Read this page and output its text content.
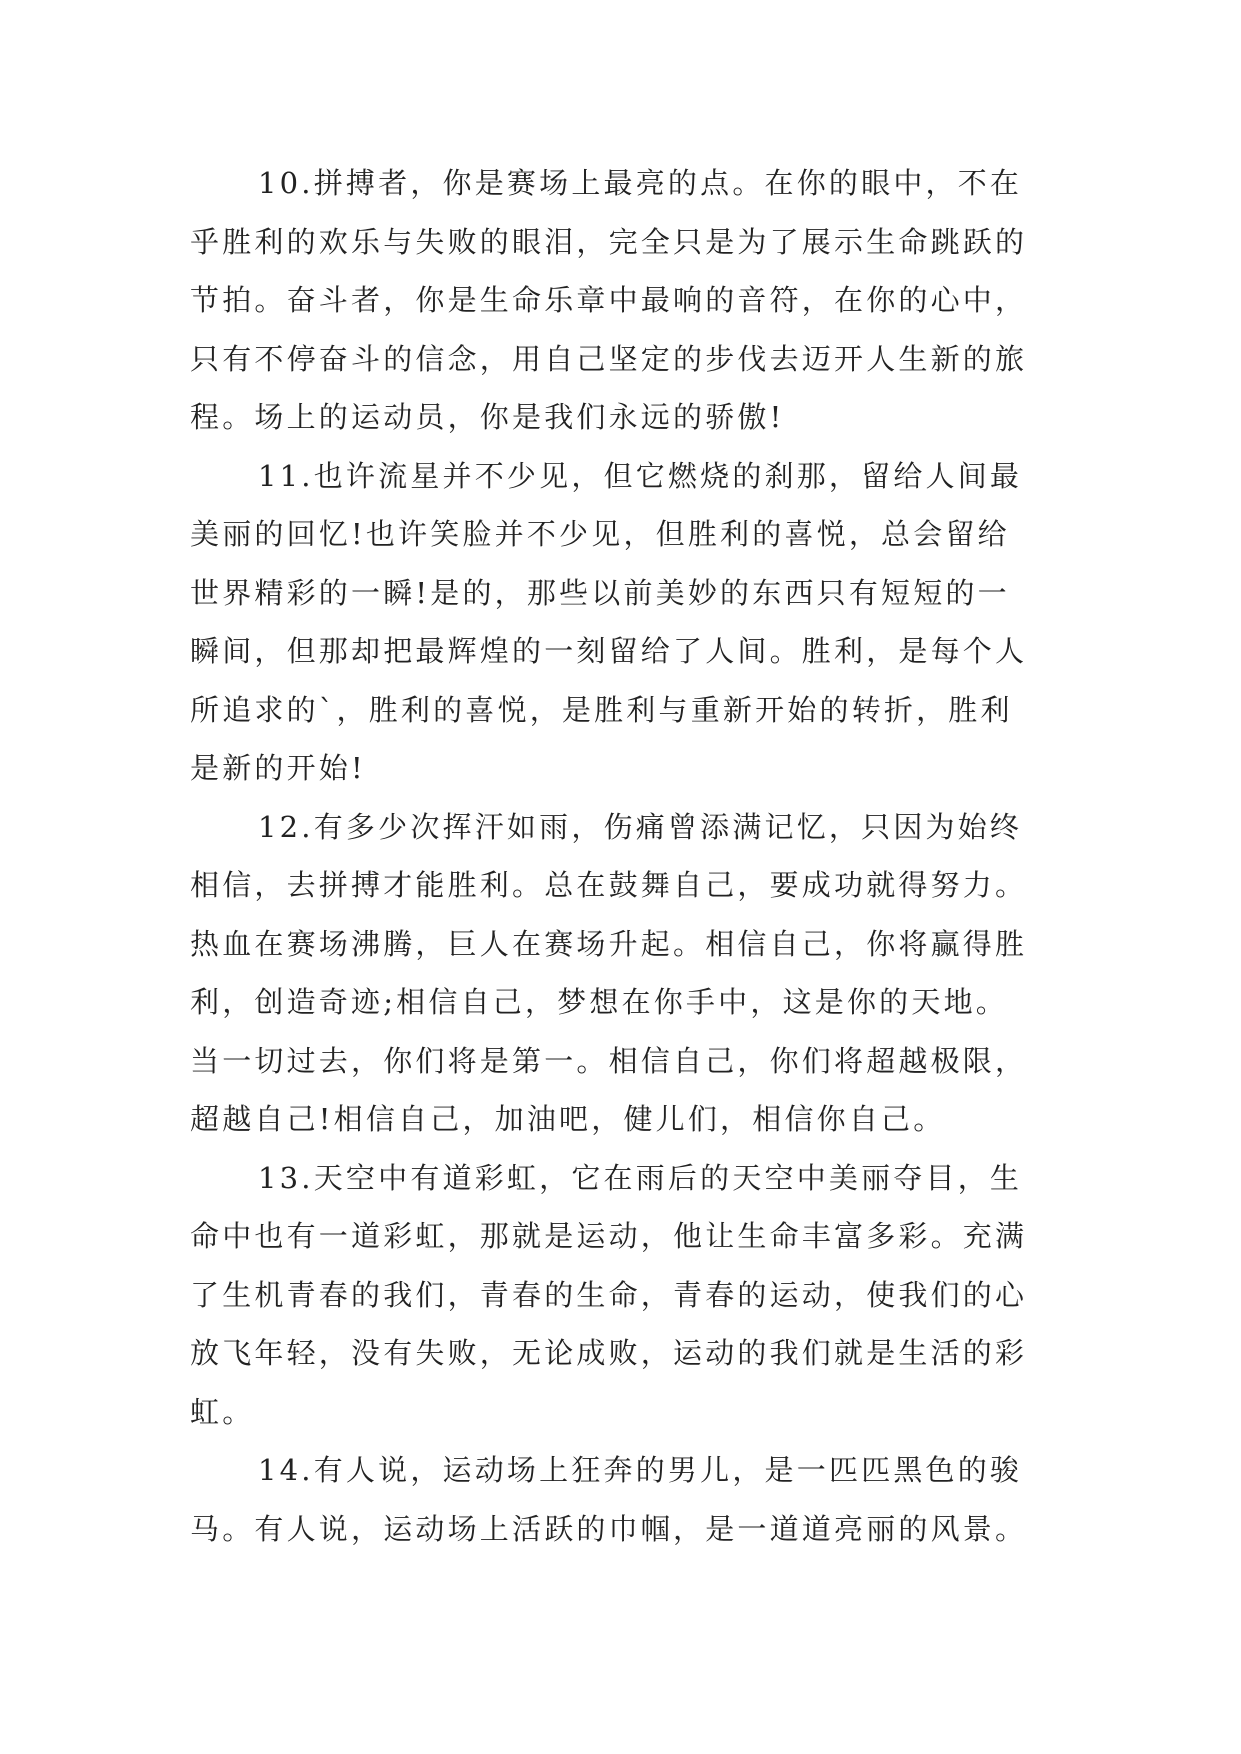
10.拼搏者，你是赛场上最亮的点。在你的眼中，不在
乎胜利的欢乐与失败的眼泪，完全只是为了展示生命跳跃的
节拍。奋斗者，你是生命乐章中最响的音符，在你的心中，
只有不停奋斗的信念，用自己坚定的步伐去迈开人生新的旅
程。场上的运动员，你是我们永远的骄傲!

11.也许流星并不少见，但它燃烧的刹那，留给人间最
美丽的回忆!也许笑脸并不少见，但胜利的喜悦，总会留给
世界精彩的一瞬!是的，那些以前美妙的东西只有短短的一
瞬间，但那却把最辉煌的一刻留给了人间。胜利，是每个人
所追求的`，胜利的喜悦，是胜利与重新开始的转折，胜利
是新的开始!

12.有多少次挥汗如雨，伤痛曾添满记忆，只因为始终
相信，去拼搏才能胜利。总在鼓舞自己，要成功就得努力。
热血在赛场沸腾，巨人在赛场升起。相信自己，你将赢得胜
利，创造奇迹;相信自己，梦想在你手中，这是你的天地。
当一切过去，你们将是第一。相信自己，你们将超越极限，
超越自己!相信自己，加油吧，健儿们，相信你自己。

13.天空中有道彩虹，它在雨后的天空中美丽夺目，生
命中也有一道彩虹，那就是运动，他让生命丰富多彩。充满
了生机青春的我们，青春的生命，青春的运动，使我们的心
放飞年轻，没有失败，无论成败，运动的我们就是生活的彩
虹。

14.有人说，运动场上狂奔的男儿，是一匹匹黑色的骏
马。有人说，运动场上活跃的巾帼，是一道道亮丽的风景。
